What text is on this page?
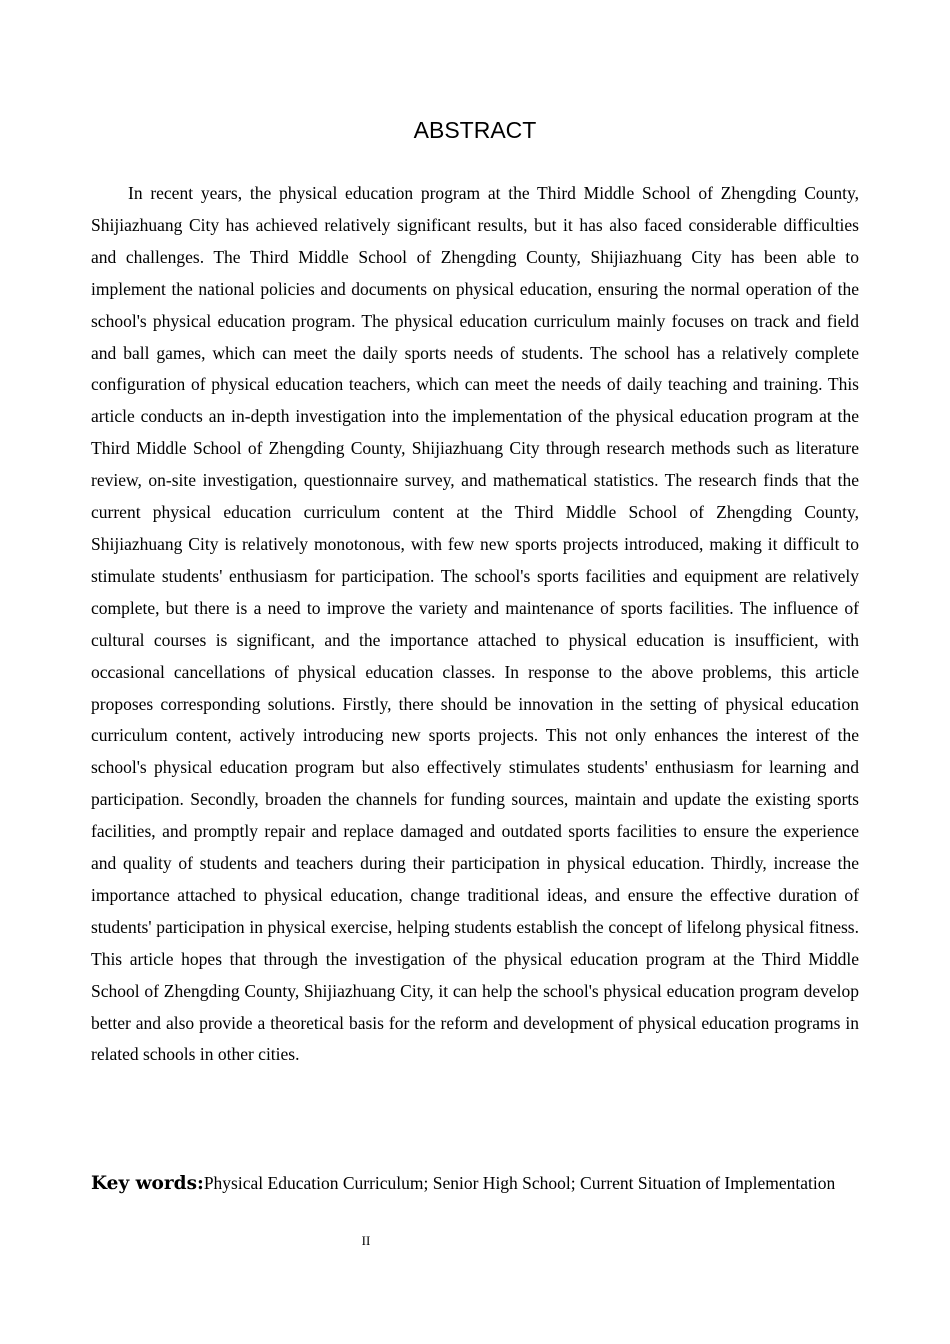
ABSTRACT

In recent years, the physical education program at the Third Middle School of Zhengding County, Shijiazhuang City has achieved relatively significant results, but it has also faced considerable difficulties and challenges. The Third Middle School of Zhengding County, Shijiazhuang City has been able to implement the national policies and documents on physical education, ensuring the normal operation of the school's physical education program. The physical education curriculum mainly focuses on track and field and ball games, which can meet the daily sports needs of students. The school has a relatively complete configuration of physical education teachers, which can meet the needs of daily teaching and training. This article conducts an in-depth investigation into the implementation of the physical education program at the Third Middle School of Zhengding County, Shijiazhuang City through research methods such as literature review, on-site investigation, questionnaire survey, and mathematical statistics. The research finds that the current physical education curriculum content at the Third Middle School of Zhengding County, Shijiazhuang City is relatively monotonous, with few new sports projects introduced, making it difficult to stimulate students' enthusiasm for participation. The school's sports facilities and equipment are relatively complete, but there is a need to improve the variety and maintenance of sports facilities. The influence of cultural courses is significant, and the importance attached to physical education is insufficient, with occasional cancellations of physical education classes. In response to the above problems, this article proposes corresponding solutions. Firstly, there should be innovation in the setting of physical education curriculum content, actively introducing new sports projects. This not only enhances the interest of the school's physical education program but also effectively stimulates students' enthusiasm for learning and participation. Secondly, broaden the channels for funding sources, maintain and update the existing sports facilities, and promptly repair and replace damaged and outdated sports facilities to ensure the experience and quality of students and teachers during their participation in physical education. Thirdly, increase the importance attached to physical education, change traditional ideas, and ensure the effective duration of students' participation in physical exercise, helping students establish the concept of lifelong physical fitness. This article hopes that through the investigation of the physical education program at the Third Middle School of Zhengding County, Shijiazhuang City, it can help the school's physical education program develop better and also provide a theoretical basis for the reform and development of physical education programs in related schools in other cities.

Key words:Physical Education Curriculum; Senior High School; Current Situation of Implementation

II
